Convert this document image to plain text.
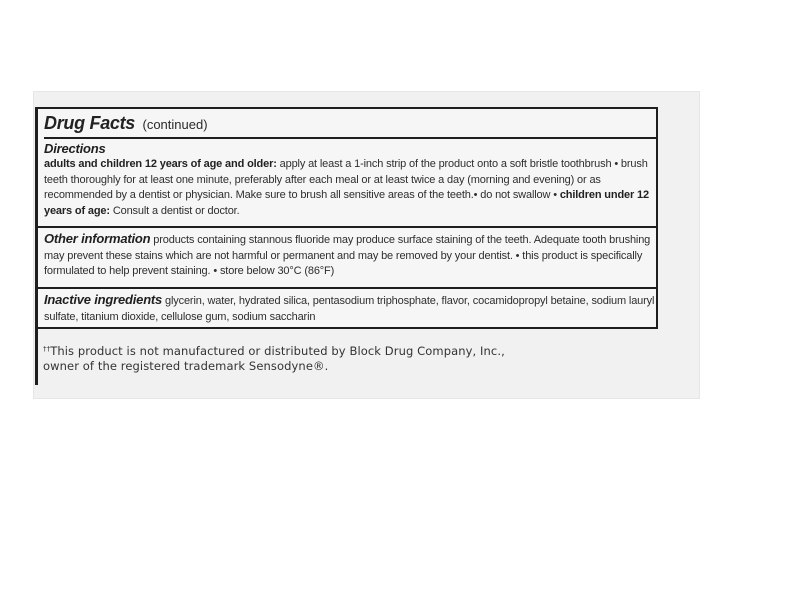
Drug Facts (continued)
Directions
adults and children 12 years of age and older: apply at least a 1-inch strip of the product onto a soft bristle toothbrush • brush teeth thoroughly for at least one minute, preferably after each meal or at least twice a day (morning and evening) or as recommended by a dentist or physician. Make sure to brush all sensitive areas of the teeth.• do not swallow • children under 12 years of age: Consult a dentist or doctor.
Other information products containing stannous fluoride may produce surface staining of the teeth. Adequate tooth brushing may prevent these stains which are not harmful or permanent and may be removed by your dentist. • this product is specifically formulated to help prevent staining. • store below 30°C (86°F)
Inactive ingredients glycerin, water, hydrated silica, pentasodium triphosphate, flavor, cocamidopropyl betaine, sodium lauryl sulfate, titanium dioxide, cellulose gum, sodium saccharin
††This product is not manufactured or distributed by Block Drug Company, Inc.,
owner of the registered trademark Sensodyne®.
